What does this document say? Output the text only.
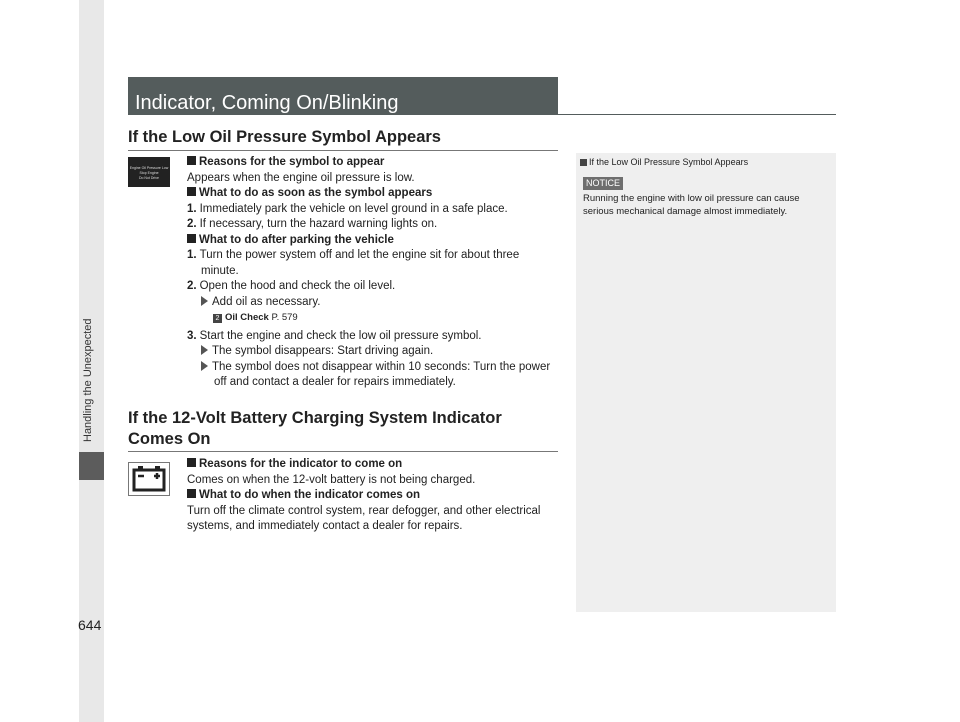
Handling the Unexpected
644
Indicator, Coming On/Blinking
If the Low Oil Pressure Symbol Appears
Engine Oil Pressure Low
Stop Engine
Do Not Drive
Reasons for the symbol to appear
Appears when the engine oil pressure is low.
What to do as soon as the symbol appears
1. Immediately park the vehicle on level ground in a safe place.
2. If necessary, turn the hazard warning lights on.
What to do after parking the vehicle
1. Turn the power system off and let the engine sit for about three
minute.
2. Open the hood and check the oil level.
Add oil as necessary.
2 Oil Check P. 579
3. Start the engine and check the low oil pressure symbol.
The symbol disappears: Start driving again.
The symbol does not disappear within 10 seconds: Turn the power
off and contact a dealer for repairs immediately.
If the 12-Volt Battery Charging System Indicator
Comes On
Reasons for the indicator to come on
Comes on when the 12-volt battery is not being charged.
What to do when the indicator comes on
Turn off the climate control system, rear defogger, and other electrical
systems, and immediately contact a dealer for repairs.
If the Low Oil Pressure Symbol Appears
NOTICE
Running the engine with low oil pressure can cause
serious mechanical damage almost immediately.
